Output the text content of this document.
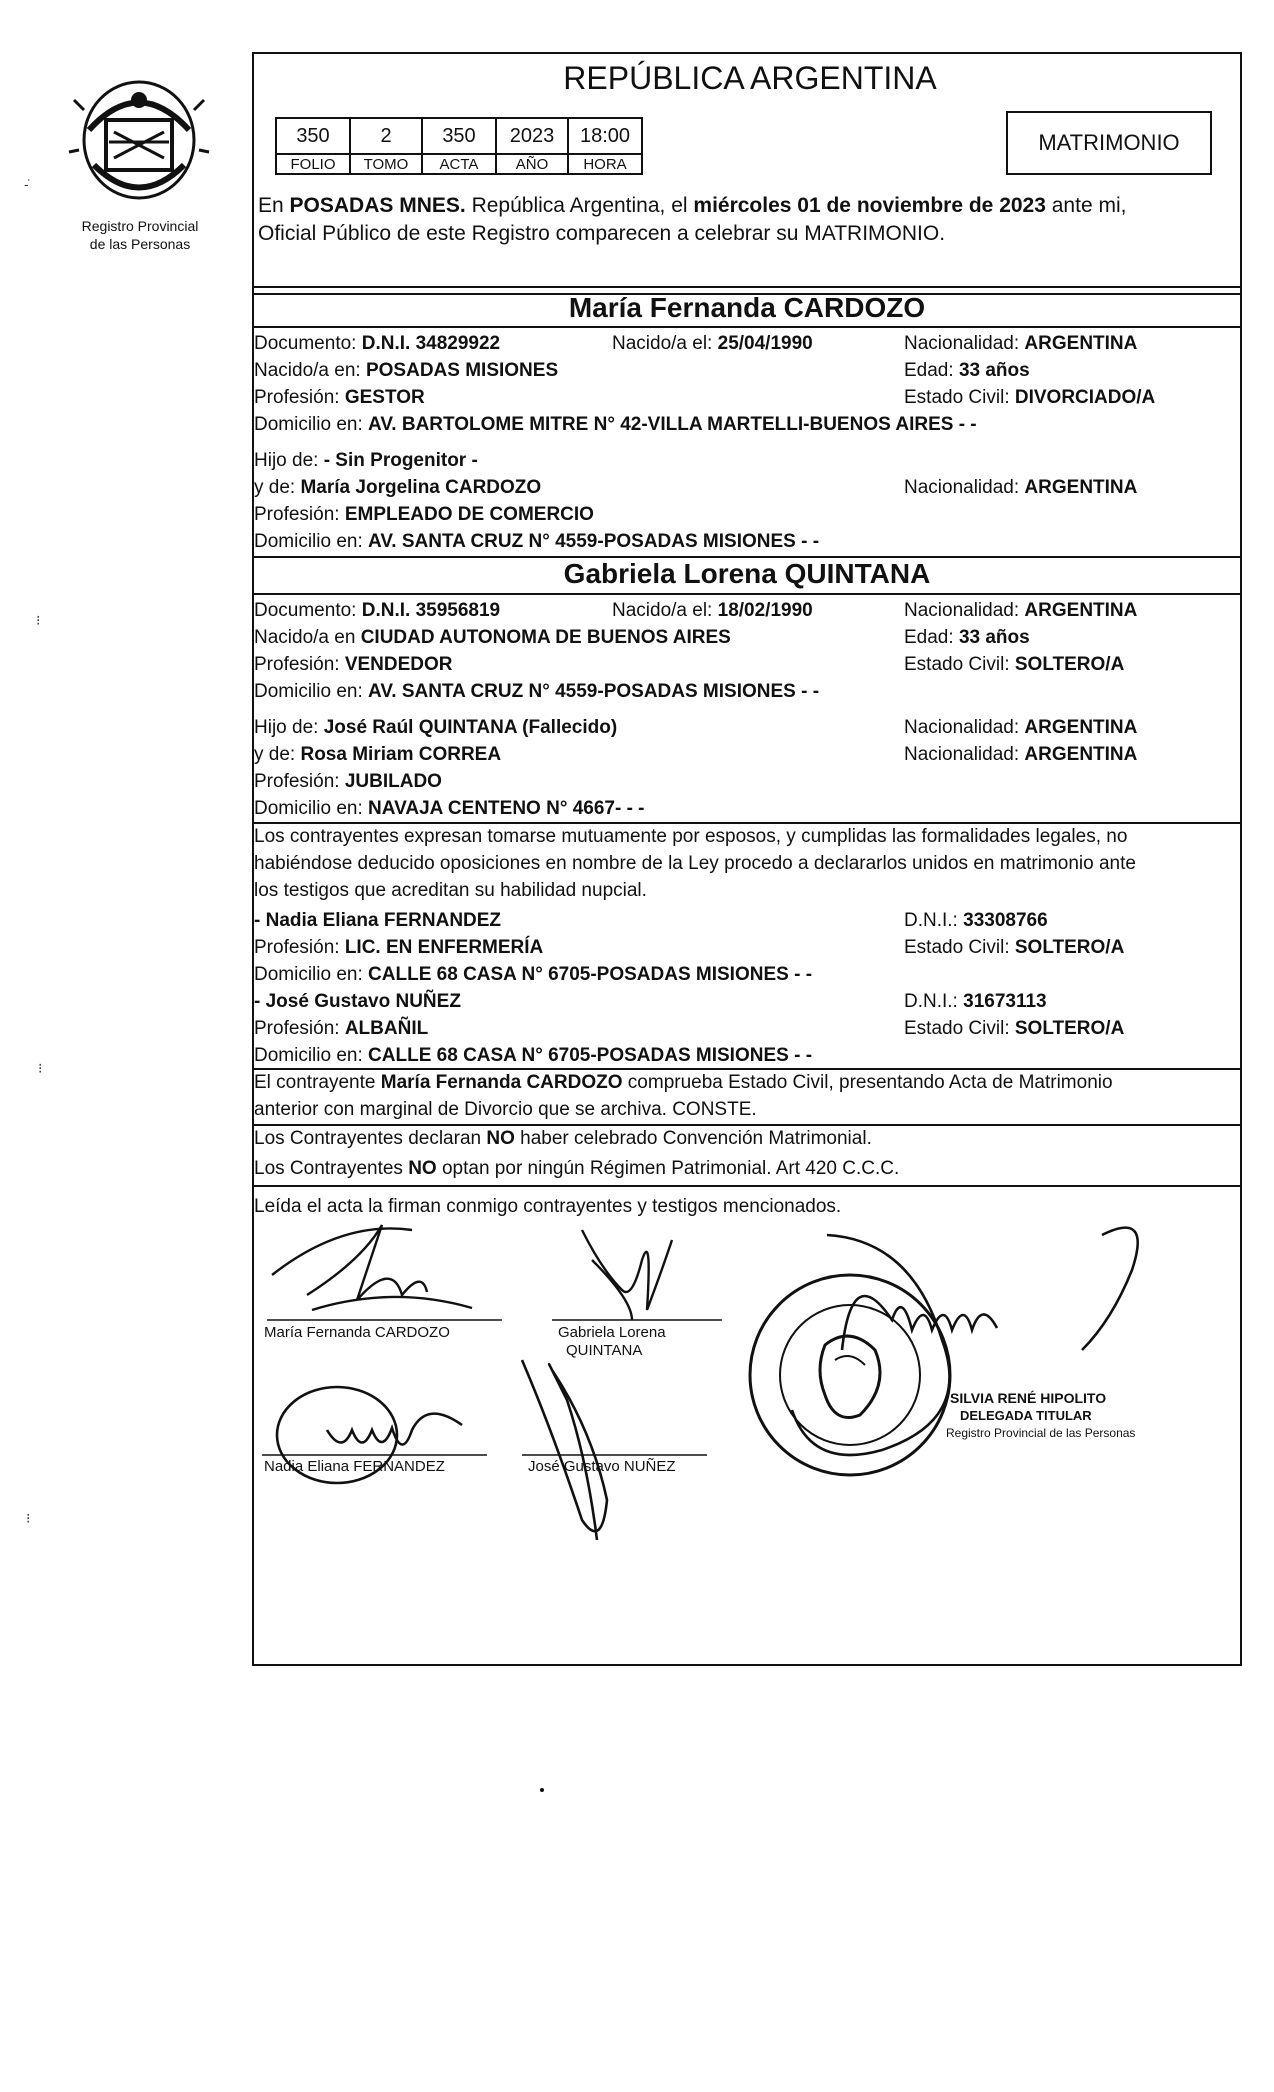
Registro Provincial
de las Personas
-̇
⁝
⁝
⁝
REPÚBLICA ARGENTINA
350	2	350	2023	18:00
FOLIO	TOMO	ACTA	AÑO	HORA
MATRIMONIO
En POSADAS MNES. República Argentina, el miércoles 01 de noviembre de 2023 ante mi,
Oficial Público de este Registro comparecen a celebrar su MATRIMONIO.
María Fernanda CARDOZO
Documento: D.N.I. 34829922	Nacido/a el: 25/04/1990	Nacionalidad: ARGENTINA
Nacido/a en: POSADAS MISIONES	Edad: 33 años
Profesión: GESTOR	Estado Civil: DIVORCIADO/A
Domicilio en: AV. BARTOLOME MITRE N° 42-VILLA MARTELLI-BUENOS AIRES - -
Hijo de: - Sin Progenitor -
y de: María Jorgelina CARDOZO	Nacionalidad: ARGENTINA
Profesión: EMPLEADO DE COMERCIO
Domicilio en: AV. SANTA CRUZ N° 4559-POSADAS MISIONES - -
Gabriela Lorena QUINTANA
Documento: D.N.I. 35956819	Nacido/a el: 18/02/1990	Nacionalidad: ARGENTINA
Nacido/a en CIUDAD AUTONOMA DE BUENOS AIRES	Edad: 33 años
Profesión: VENDEDOR	Estado Civil: SOLTERO/A
Domicilio en: AV. SANTA CRUZ N° 4559-POSADAS MISIONES - -
Hijo de: José Raúl QUINTANA (Fallecido)	Nacionalidad: ARGENTINA
y de: Rosa Miriam CORREA	Nacionalidad: ARGENTINA
Profesión: JUBILADO
Domicilio en: NAVAJA CENTENO N° 4667- - -
Los contrayentes expresan tomarse mutuamente por esposos, y cumplidas las formalidades legales, no
habiéndose deducido oposiciones en nombre de la Ley procedo a declararlos unidos en matrimonio ante
los testigos que acreditan su habilidad nupcial.
- Nadia Eliana FERNANDEZ	D.N.I.: 33308766
Profesión: LIC. EN ENFERMERÍA	Estado Civil: SOLTERO/A
Domicilio en: CALLE 68 CASA N° 6705-POSADAS MISIONES - -
- José Gustavo NUÑEZ	D.N.I.: 31673113
Profesión: ALBAÑIL	Estado Civil: SOLTERO/A
Domicilio en: CALLE 68 CASA N° 6705-POSADAS MISIONES - -
El contrayente María Fernanda CARDOZO comprueba Estado Civil, presentando Acta de Matrimonio
anterior con marginal de Divorcio que se archiva. CONSTE.
Los Contrayentes declaran NO haber celebrado Convención Matrimonial.
Los Contrayentes NO optan por ningún Régimen Patrimonial. Art 420 C.C.C.
Leída el acta la firman conmigo contrayentes y testigos mencionados.
María Fernanda CARDOZO	Gabriela Lorena
QUINTANA
Nadia Eliana FERNANDEZ	José Gustavo NUÑEZ
SILVIA RENÉ HIPOLITO
DELEGADA TITULAR
Registro Provincial de las Personas
